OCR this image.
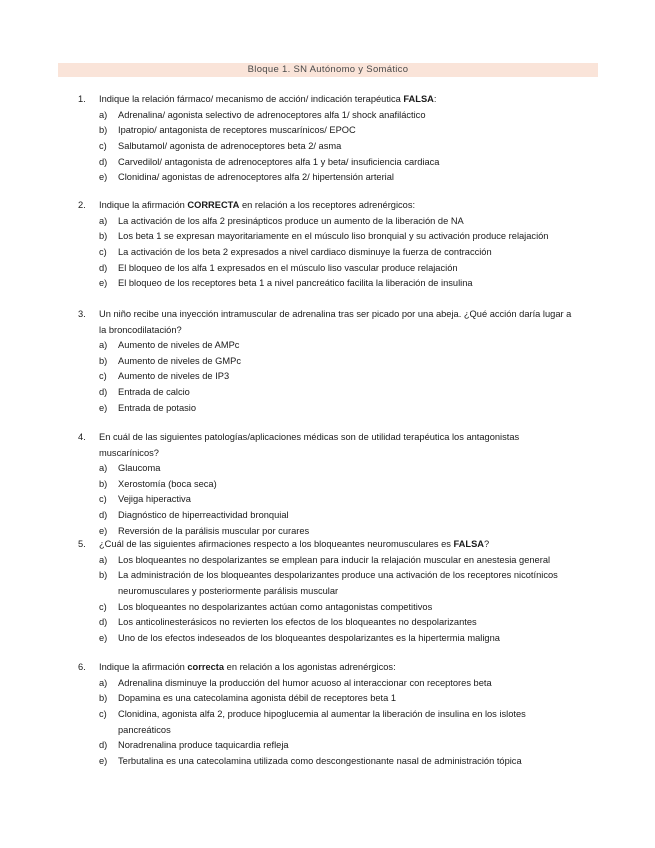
Bloque 1. SN Autónomo y Somático
1. Indique la relación fármaco/ mecanismo de acción/ indicación terapéutica FALSA:
a) Adrenalina/ agonista selectivo de adrenoceptores alfa 1/ shock anafiláctico
b) Ipatropio/ antagonista de receptores muscarínicos/ EPOC
c) Salbutamol/ agonista de adrenoceptores beta 2/ asma
d) Carvedilol/ antagonista de adrenoceptores alfa 1 y beta/ insuficiencia cardiaca
e) Clonidina/ agonistas de adrenoceptores alfa 2/ hipertensión arterial
2. Indique la afirmación CORRECTA en relación a los receptores adrenérgicos:
a) La activación de los alfa 2 presinápticos produce un aumento de la liberación de NA
b) Los beta 1 se expresan mayoritariamente en el músculo liso bronquial y su activación produce relajación
c) La activación de los beta 2 expresados a nivel cardiaco disminuye la fuerza de contracción
d) El bloqueo de los alfa 1 expresados en el músculo liso vascular produce relajación
e) El bloqueo de los receptores beta 1 a nivel pancreático facilita la liberación de insulina
3. Un niño recibe una inyección intramuscular de adrenalina tras ser picado por una abeja. ¿Qué acción daría lugar a la broncodilatación?
a) Aumento de niveles de AMPc
b) Aumento de niveles de GMPc
c) Aumento de niveles de IP3
d) Entrada de calcio
e) Entrada de potasio
4. En cuál de las siguientes patologías/aplicaciones médicas son de utilidad terapéutica los antagonistas muscarínicos?
a) Glaucoma
b) Xerostomía (boca seca)
c) Vejiga hiperactiva
d) Diagnóstico de hiperreactividad bronquial
e) Reversión de la parálisis muscular por curares
5. ¿Cuál de las siguientes afirmaciones respecto a los bloqueantes neuromusculares es FALSA?
a) Los bloqueantes no despolarizantes se emplean para inducir la relajación muscular en anestesia general
b) La administración de los bloqueantes despolarizantes produce una activación de los receptores nicotínicos neuromusculares y posteriormente parálisis muscular
c) Los bloqueantes no despolarizantes actúan como antagonistas competitivos
d) Los anticolinesterásicos no revierten los efectos de los bloqueantes no despolarizantes
e) Uno de los efectos indeseados de los bloqueantes despolarizantes es la hipertermia maligna
6. Indique la afirmación correcta en relación a los agonistas adrenérgicos:
a) Adrenalina disminuye la producción del humor acuoso al interaccionar con receptores beta
b) Dopamina es una catecolamina agonista débil de receptores beta 1
c) Clonidina, agonista alfa 2, produce hipoglucemia al aumentar la liberación de insulina en los islotes pancreáticos
d) Noradrenalina produce taquicardia refleja
e) Terbutalina es una catecolamina utilizada como descongestionante nasal de administración tópica
